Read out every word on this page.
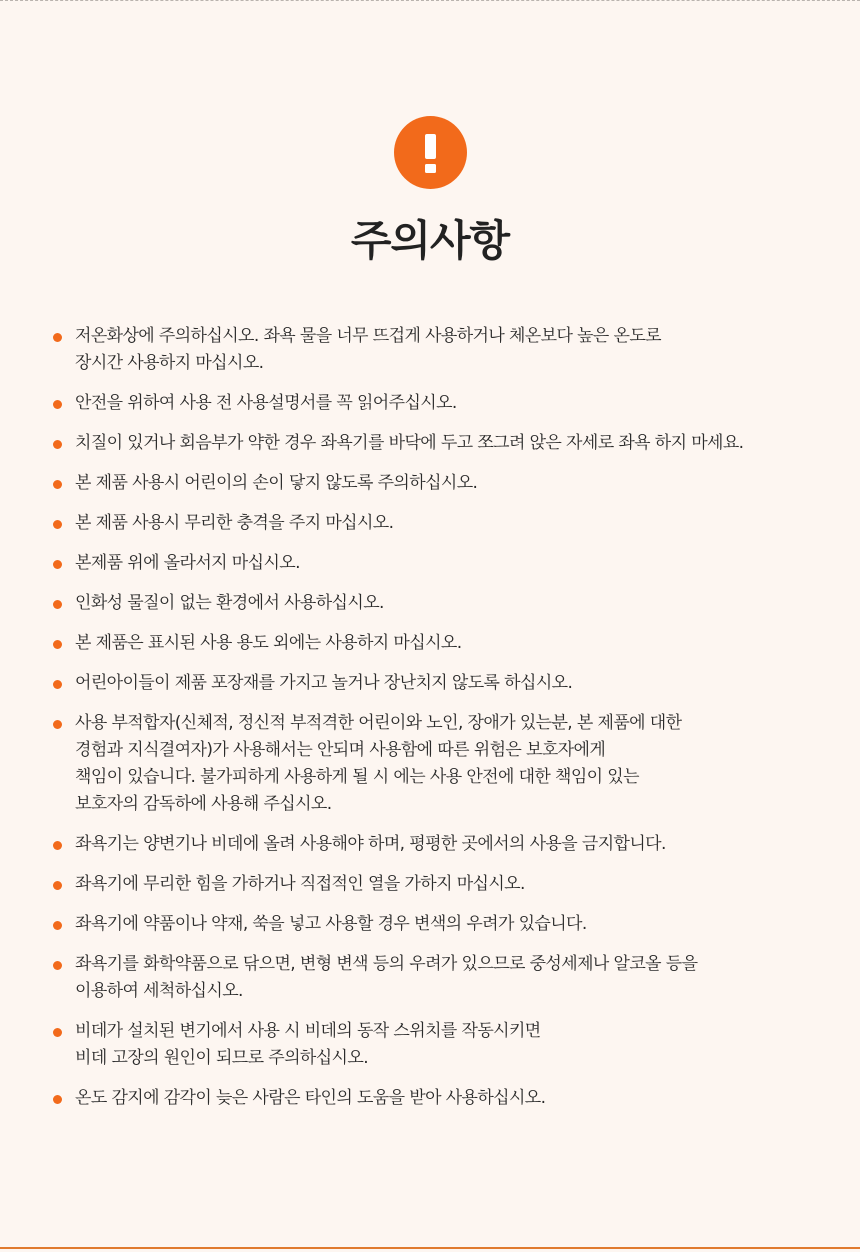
주의사항
저온화상에 주의하십시오. 좌욕 물을 너무 뜨겁게 사용하거나 체온보다 높은 온도로
장시간 사용하지 마십시오.
안전을 위하여 사용 전 사용설명서를 꼭 읽어주십시오.
치질이 있거나 회음부가 약한 경우 좌욕기를 바닥에 두고 쪼그려 앉은 자세로 좌욕 하지 마세요.
본 제품 사용시 어린이의 손이 닿지 않도록 주의하십시오.
본 제품 사용시 무리한 충격을 주지 마십시오.
본제품 위에 올라서지 마십시오.
인화성 물질이 없는 환경에서 사용하십시오.
본 제품은 표시된 사용 용도 외에는 사용하지 마십시오.
어린아이들이 제품 포장재를 가지고 놀거나 장난치지 않도록 하십시오.
사용 부적합자(신체적, 정신적 부적격한 어린이와 노인, 장애가 있는분, 본 제품에 대한
경험과 지식결여자)가 사용해서는 안되며 사용함에 따른 위험은 보호자에게
책임이 있습니다. 불가피하게 사용하게 될 시 에는 사용 안전에 대한 책임이 있는
보호자의 감독하에 사용해 주십시오.
좌욕기는 양변기나 비데에 올려 사용해야 하며, 평평한 곳에서의 사용을 금지합니다.
좌욕기에 무리한 힘을 가하거나 직접적인 열을 가하지 마십시오.
좌욕기에 약품이나 약재, 쑥을 넣고 사용할 경우 변색의 우려가 있습니다.
좌욕기를 화학약품으로 닦으면, 변형 변색 등의 우려가 있으므로 중성세제나 알코올 등을
이용하여 세척하십시오.
비데가 설치된 변기에서 사용 시 비데의 동작 스위치를 작동시키면
비데 고장의 원인이 되므로 주의하십시오.
온도 감지에 감각이 늦은 사람은 타인의 도움을 받아 사용하십시오.
